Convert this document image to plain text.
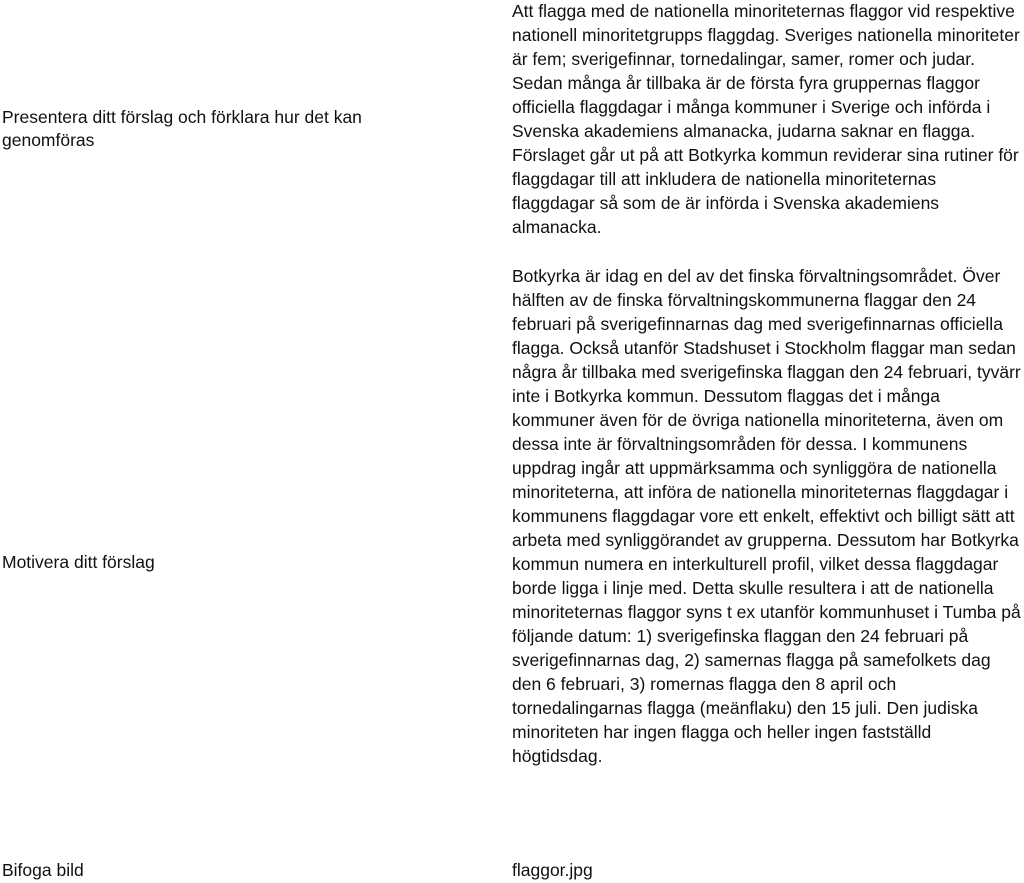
Presentera ditt förslag och förklara hur det kan genomföras

Att flagga med de nationella minoriteternas flaggor vid respektive nationell minoritetgrupps flaggdag. Sveriges nationella minoriteter är fem; sverigefinnar, tornedalingar, samer, romer och judar. Sedan många år tillbaka är de första fyra gruppernas flaggor officiella flaggdagar i många kommuner i Sverige och införda i Svenska akademiens almanacka, judarna saknar en flagga. Förslaget går ut på att Botkyrka kommun reviderar sina rutiner för flaggdagar till att inkludera de nationella minoriteternas flaggdagar så som de är införda i Svenska akademiens almanacka.

Motivera ditt förslag

Botkyrka är idag en del av det finska förvaltningsområdet. Över hälften av de finska förvaltningskommunerna flaggar den 24 februari på sverigefinnarnas dag med sverigefinnarnas officiella flagga. Också utanför Stadshuset i Stockholm flaggar man sedan några år tillbaka med sverigefinska flaggan den 24 februari, tyvärr inte i Botkyrka kommun. Dessutom flaggas det i många kommuner även för de övriga nationella minoriteterna, även om dessa inte är förvaltningsområden för dessa. I kommunens uppdrag ingår att uppmärksamma och synliggöra de nationella minoriteterna, att införa de nationella minoriteternas flaggdagar i kommunens flaggdagar vore ett enkelt, effektivt och billigt sätt att arbeta med synliggörandet av grupperna. Dessutom har Botkyrka kommun numera en interkulturell profil, vilket dessa flaggdagar borde ligga i linje med. Detta skulle resultera i att de nationella minoriteternas flaggor syns t ex utanför kommunhuset i Tumba på följande datum: 1) sverigefinska flaggan den 24 februari på sverigefinnarnas dag, 2) samernas flagga på samefolkets dag den 6 februari, 3) romernas flagga den 8 april och tornedalingarnas flagga (meänflaku) den 15 juli. Den judiska minoriteten har ingen flagga och heller ingen fastställd högtidsdag.

Bifoga bild	flaggor.jpg
